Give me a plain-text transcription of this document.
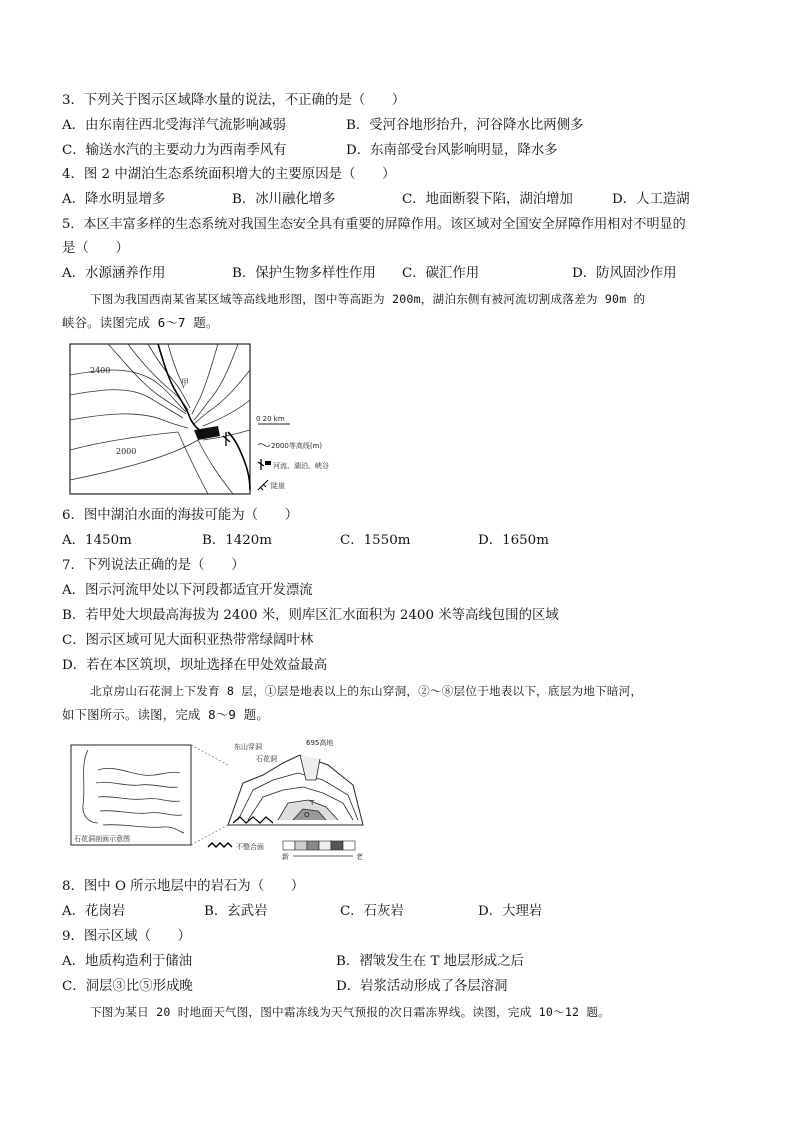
3．下列关于图示区域降水量的说法，不正确的是（　　）
A．由东南往西北受海洋气流影响减弱	B．受河谷地形抬升，河谷降水比两侧多
C．输送水汽的主要动力为西南季风有	D．东南部受台风影响明显，降水多
4．图 2 中湖泊生态系统面积增大的主要原因是（　　）
A．降水明显增多	B．冰川融化增多	C．地面断裂下陷，湖泊增加	D．人工造湖
5．本区丰富多样的生态系统对我国生态安全具有重要的屏障作用。该区域对全国安全屏障作用相对不明显的
是（　　）
A．水源涵养作用	B．保护生物多样性作用 C．碳汇作用	D．防风固沙作用
下图为我国西南某省某区域等高线地形图，图中等高距为 200m，湖泊东侧有被河流切割成落差为 90m 的
峡谷。读图完成 6～7 题。
2400
2000
甲
0 20 km
2000等高线(m)
河流、湖泊、峡谷
陡崖
6．图中湖泊水面的海拔可能为（　　）
A．1450m	B．1420m	C．1550m	D．1650m
7．下列说法正确的是（　　）
A．图示河流甲处以下河段都适宜开发漂流
B．若甲处大坝最高海拔为 2400 米，则库区汇水面积为 2400 米等高线包围的区域
C．图示区域可见大面积亚热带常绿阔叶林
D．若在本区筑坝，坝址选择在甲处效益最高
北京房山石花洞上下发育 8 层，①层是地表以上的东山穿洞，②～⑧层位于地表以下，底层为地下暗河，
如下图所示。读图，完成 8～9 题。
石花洞剖面示意图
东山穿洞
石花洞
695高地
T
O
不整合面
新	老
8．图中 O 所示地层中的岩石为（　　）
A．花岗岩	B．玄武岩	C．石灰岩	D．大理岩
9．图示区域（　　）
A．地质构造利于储油	B．褶皱发生在 T 地层形成之后
C．洞层③比⑤形成晚	D．岩浆活动形成了各层溶洞
下图为某日 20 时地面天气图，图中霜冻线为天气预报的次日霜冻界线。读图，完成 10～12 题。
